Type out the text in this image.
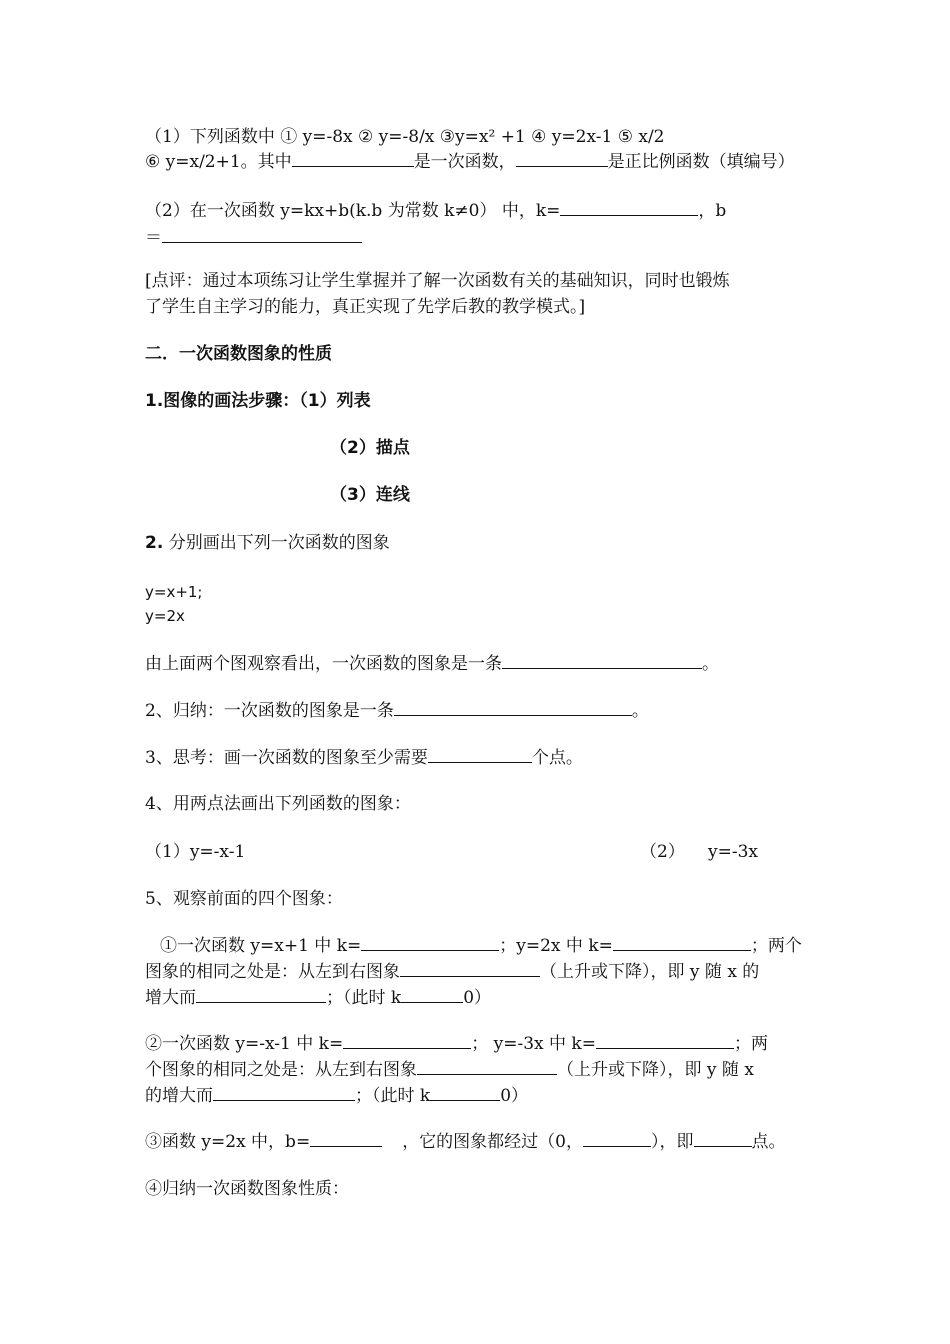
（1）下列函数中 ① y=-8x ② y=-8/x ③y=x² +1 ④ y=2x-1 ⑤ x/2
⑥ y=x/2+1。其中	是一次函数，	是正比例函数（填编号）
（2）在一次函数 y=kx+b(k.b 为常数 k≠0） 中，k=	，b
＝
[点评：通过本项练习让学生掌握并了解一次函数有关的基础知识，同时也锻炼
了学生自主学习的能力，真正实现了先学后教的教学模式。]
二．一次函数图象的性质
1.图像的画法步骤：（1）列表
（2）描点
（3）连线
2. 分别画出下列一次函数的图象
y=x+1;
y=2x
由上面两个图观察看出，一次函数的图象是一条	。
2、归纳：一次函数的图象是一条	。
3、思考：画一次函数的图象至少需要	个点。
4、用两点法画出下列函数的图象：
（1）y=-x-1	（2） y=-3x
5、观察前面的四个图象：
①一次函数 y=x+1 中 k=	；y=2x 中 k=	；两个
图象的相同之处是：从左到右图象	（上升或下降），即 y 随 x 的
增大而	；（此时 k	0）
②一次函数 y=-x-1 中 k=	； y=-3x 中 k=	；两
个图象的相同之处是：从左到右图象	（上升或下降），即 y 随 x
的增大而	；（此时 k	0）
③函数 y=2x 中，b=	，它的图象都经过（0，	），即	点。
④归纳一次函数图象性质：
